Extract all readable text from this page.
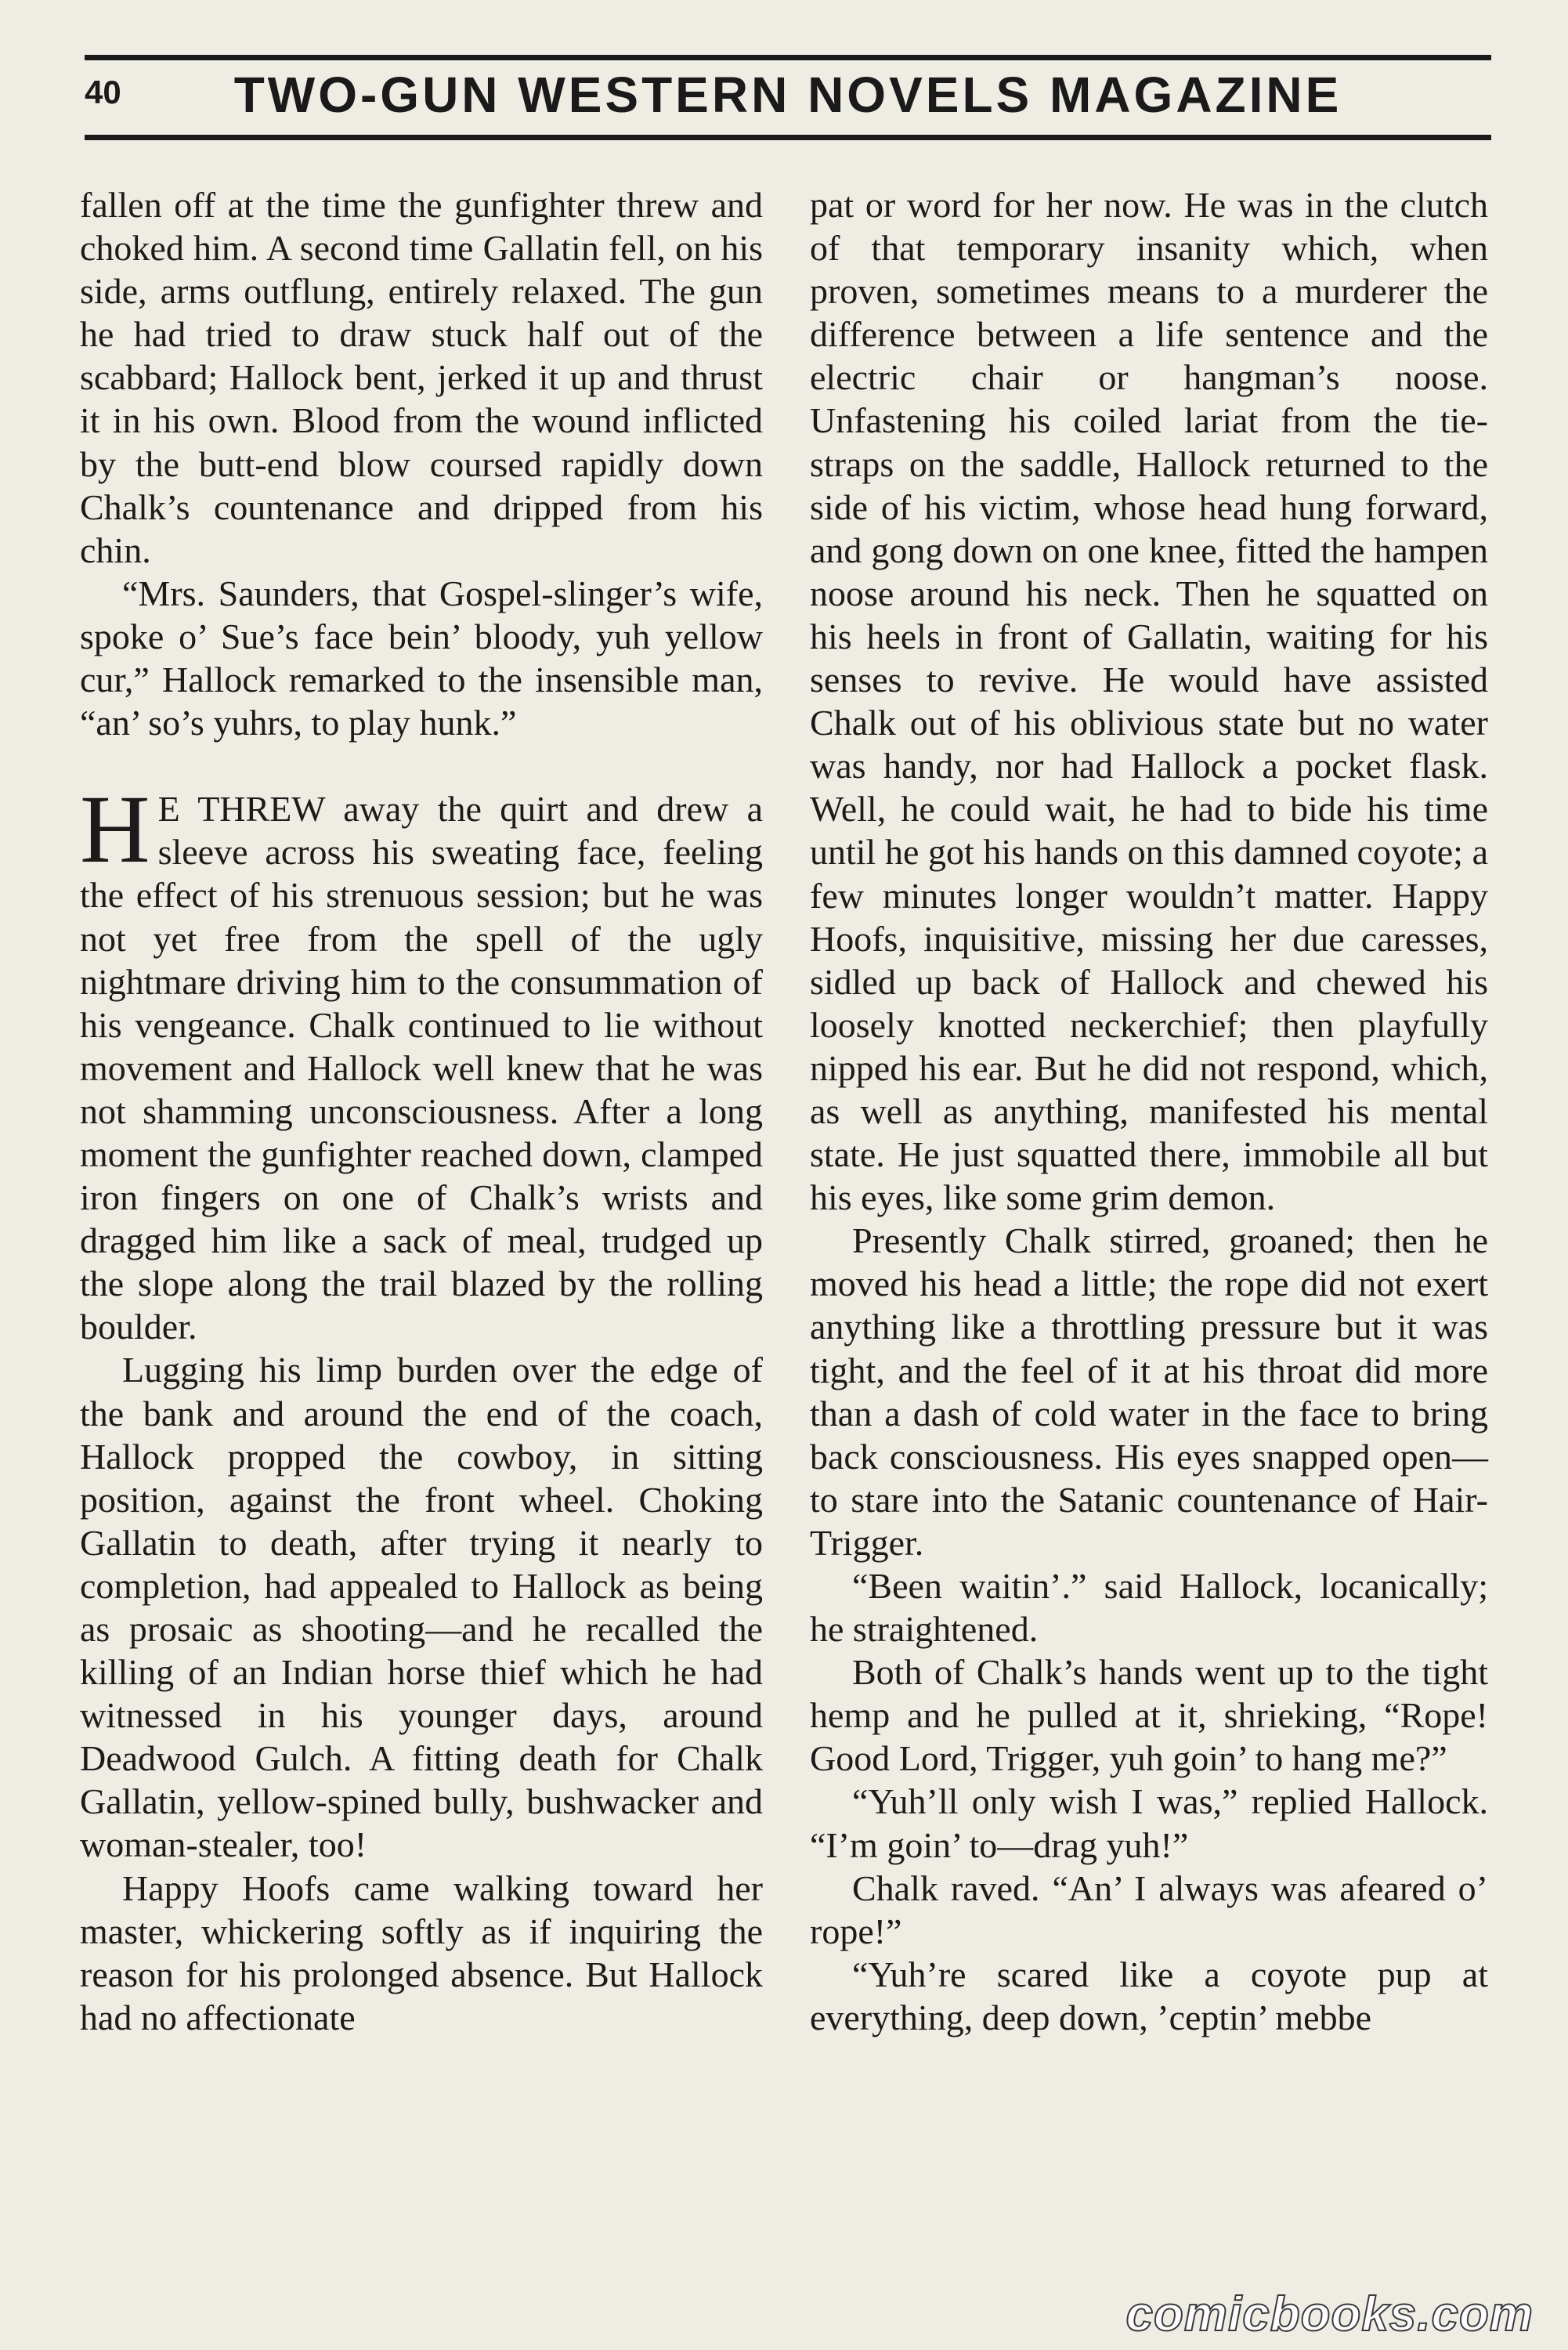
40	TWO-GUN WESTERN NOVELS MAGAZINE

fallen off at the time the gunfighter threw and choked him. A second time Gallatin fell, on his side, arms outflung, entirely relaxed. The gun he had tried to draw stuck half out of the scabbard; Hallock bent, jerked it up and thrust it in his own. Blood from the wound inflicted by the butt-end blow coursed rapidly down Chalk’s countenance and dripped from his chin.

“Mrs. Saunders, that Gospel-slinger’s wife, spoke o’ Sue’s face bein’ bloody, yuh yellow cur,” Hallock remarked to the insensible man, “an’ so’s yuhrs, to play hunk.”

H E THREW away the quirt and drew a sleeve across his sweating face, feeling the effect of his strenuous session; but he was not yet free from the spell of the ugly nightmare driving him to the consummation of his vengeance. Chalk continued to lie without movement and Hallock well knew that he was not shamming unconsciousness. After a long moment the gunfighter reached down, clamped iron fingers on one of Chalk’s wrists and dragged him like a sack of meal, trudged up the slope along the trail blazed by the rolling boulder.

Lugging his limp burden over the edge of the bank and around the end of the coach, Hallock propped the cowboy, in sitting position, against the front wheel. Choking Gallatin to death, after trying it nearly to completion, had appealed to Hallock as being as prosaic as shooting—and he recalled the killing of an Indian horse thief which he had witnessed in his younger days, around Deadwood Gulch. A fitting death for Chalk Gallatin, yellow-spined bully, bushwacker and woman-stealer, too!

Happy Hoofs came walking toward her master, whickering softly as if inquiring the reason for his prolonged absence. But Hallock had no affectionate

pat or word for her now. He was in the clutch of that temporary insanity which, when proven, sometimes means to a murderer the difference between a life sentence and the electric chair or hangman’s noose. Unfastening his coiled lariat from the tie-straps on the saddle, Hallock returned to the side of his victim, whose head hung forward, and gong down on one knee, fitted the hampen noose around his neck. Then he squatted on his heels in front of Gallatin, waiting for his senses to revive. He would have assisted Chalk out of his oblivious state but no water was handy, nor had Hallock a pocket flask. Well, he could wait, he had to bide his time until he got his hands on this damned coyote; a few minutes longer wouldn’t matter. Happy Hoofs, inquisitive, missing her due caresses, sidled up back of Hallock and chewed his loosely knotted neckerchief; then playfully nipped his ear. But he did not respond, which, as well as anything, manifested his mental state. He just squatted there, immobile all but his eyes, like some grim demon.

Presently Chalk stirred, groaned; then he moved his head a little; the rope did not exert anything like a throttling pressure but it was tight, and the feel of it at his throat did more than a dash of cold water in the face to bring back consciousness. His eyes snapped open—to stare into the Satanic countenance of Hair-Trigger.

“Been waitin’.” said Hallock, locanically; he straightened.

Both of Chalk’s hands went up to the tight hemp and he pulled at it, shrieking, “Rope! Good Lord, Trigger, yuh goin’ to hang me?”

“Yuh’ll only wish I was,” replied Hallock. “I’m goin’ to—drag yuh!”

Chalk raved. “An’ I always was afeared o’ rope!”

“Yuh’re scared like a coyote pup at everything, deep down, ’ceptin’ mebbe

comicbooks.com
